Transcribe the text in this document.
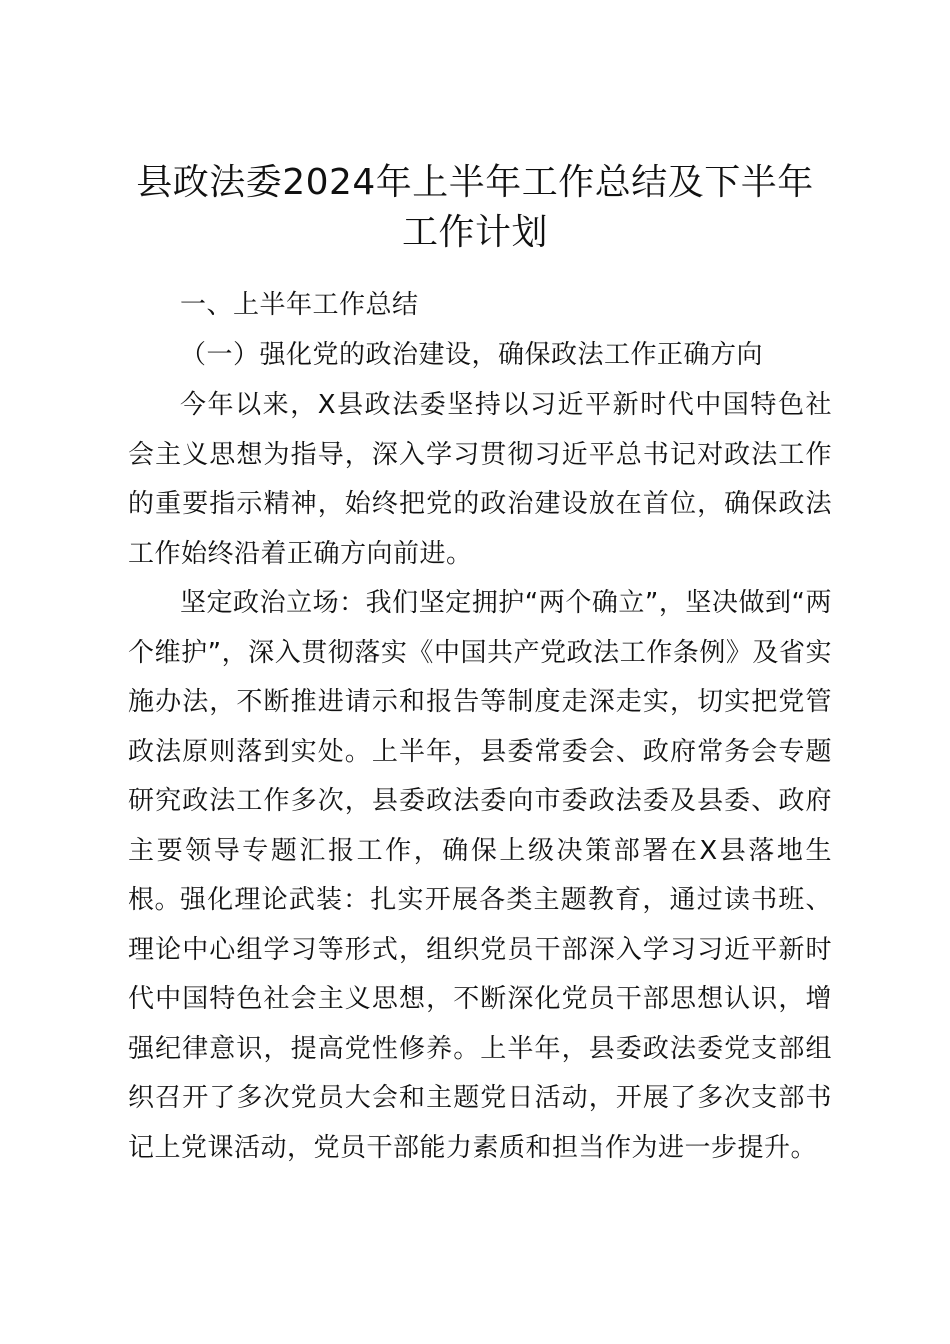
县政法委2024年上半年工作总结及下半年工作计划

一、上半年工作总结

（一）强化党的政治建设，确保政法工作正确方向

今年以来，X县政法委坚持以习近平新时代中国特色社会主义思想为指导，深入学习贯彻习近平总书记对政法工作的重要指示精神，始终把党的政治建设放在首位，确保政法工作始终沿着正确方向前进。

坚定政治立场：我们坚定拥护“两个确立”，坚决做到“两个维护”，深入贯彻落实《中国共产党政法工作条例》及省实施办法，不断推进请示和报告等制度走深走实，切实把党管政法原则落到实处。上半年，县委常委会、政府常务会专题研究政法工作多次，县委政法委向市委政法委及县委、政府主要领导专题汇报工作，确保上级决策部署在X县落地生根。

强化理论武装：扎实开展各类主题教育，通过读书班、理论中心组学习等形式，组织党员干部深入学习习近平新时代中国特色社会主义思想，不断深化党员干部思想认识，增强纪律意识，提高党性修养。上半年，县委政法委党支部组织召开了多次党员大会和主题党日活动，开展了多次支部书记上党课活动，党员干部能力素质和担当作为进一步提升。
